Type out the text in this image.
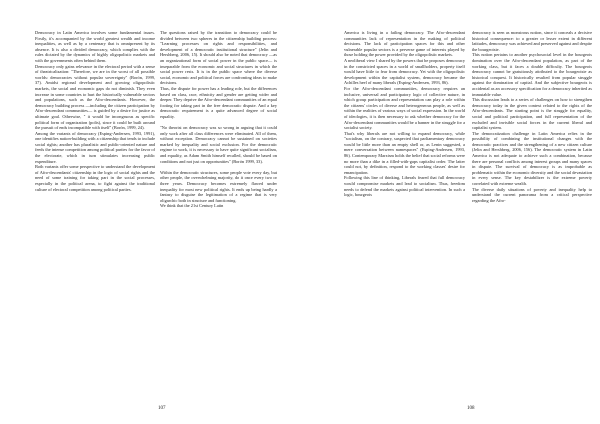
Democracy in Latin America involves some fundamental issues. Firstly, it's accompanied by the world greatest wealth and income inequalities, as well as by a centenary that is omnipresent by its absence. It is also a divided democracy, which complies with the rules dictated by the dynamics of highly oligopolistic markets and with the governments often behind them.

Democracy only gains relevance in the electoral period with a sense of theatricalization: "Therefore, we are in the worst of all possible worlds: democracies without popular sovereignty" (Borón, 1999, 37). Amidst regional development and growing oligopolistic markets, the social and economic gaps do not diminish. They even increase in some countries to hurt the historically vulnerable sectors and populations, such as the Afro-descendants. However, the democracy building process —including the citizen participation by Afro-descendant communities— is guided by a desire for justice as ultimate goal. Otherwise, " it would be incongruous as specific political form of organization (polis), since it could be built around the pursuit of ends incompatible with itself" (Borón, 1999, 24).

Among the variants of democracy (Esping-Andersen, 1993, 1991), one identifies nation-building with a citizenship that tends to include social rights; another has pluralistic and public-oriented nature and feeds the intense competition among political parties for the favor of the electorate, which in turn stimulates increasing public expenditure.

Both variants offer some perspective to understand the development of Afro-descendants' citizenship in the logic of social rights and the need of some training for taking part in the social processes, especially in the political arena, to fight against the traditional culture of electoral competition among political parties.

The questions raised by the transition to democracy could be divided between two spheres in the citizenship building process: "Learning processes on rights and responsibilities, and development of a democratic institutional structure" (Jelin and Hershberg, 2006, 15). It should also be noted that democracy —as an organizational form of social power in the public space— is inseparable from the economic and social structures in which the social power rests. It is in the public space where the diverse social, economic and political forces are confronting ideas to make decisions.

Thus, the dispute for power has a leading role, but the differences based on class, race, ethnicity and gender are getting wider and deeper. They deprive the Afro-descendant communities of an equal footing for taking part in the free democratic dispute. And a key democratic requirement is a quite advanced degree of social equality.

"No theorist on democracy was so wrong in arguing that it could only work after all class differences were eliminated. All of them, without exception. Democracy cannot be sustained on societies marked by inequality and social exclusion. For the democratic regime to work, it is necessary to have quite significant socialism, and equality, as Adam Smith himself recalled, should be based on conditions and not just on opportunities" (Borón 1999, 33).

Within the democratic structures, some people vote every day, but other people, the overwhelming majority, do it once every two or three years. Democracy becomes extremely flawed under inequality for most new political rights. It ends up being hardly a fantasy to disguise the legitimation of a regime that is very oligarchic both in structure and functioning.

We think that the 21st Century Latin

107

America is living in a failing democracy. The Afro-descendant communities lack of representation in the making of political decisions. The lack of participation spaces for this and other vulnerable popular sectors is a perverse game of interests played by those holding the power provided by the oligopolistic markets.

A neoliberal view I shared by the powers that be proposes democracy in the constricted spaces in a world of smallholders, property itself would have little to fear from democracy. Yet with the oligopolistic development within the capitalist system, democracy became the Achilles heel of many liberals (Esping-Andersen, 1993, 86).

For the Afro-descendant communities, democracy requires an inclusive, universal and participatory logic of collective nature, in which group participation and representation can play a role within the citizens' circles of diverse and heterogeneous people, as well as within the realities of various ways of social expression. In the world of ideologies, it is then necessary to ask whether democracy for the Afro-descendant communities would be a banner in the struggle for a socialist society.

That's why liberals are not willing to expand democracy, while "socialism, on the contrary, suspected that parliamentary democracy would be little more than an empty shell or, as Lenin suggested, a mere conversation between namespaces" (Esping-Andersen, 1993, 86). Contemporary Marxism holds the belief that social reforms were no more than a dike in a filled-with-gaps capitalist order. The latter could not, by definition, respond to the working classes' desire for emancipation.

Following this line of thinking, Liberals feared that full democracy would compromise markets and lead to socialism. Thus, freedom needs to defend the markets against political intervention. In such a logic, bourgeois

democracy is seen as monstrous notion, since it conceals a decisive historical consequence: to a greater or lesser extent in different latitudes, democracy was achieved and preserved against and despite the bourgeoisie.

This notion pertains to another psychosocial level in the bourgeois domination over the Afro-descendant population, as part of the working class, but it faces a double difficulty. The bourgeois democracy cannot be gratuitously attributed to the bourgeoisie as historical conquest. It historically resulted from popular struggle against the domination of capital. And the subjective bourgeois is accidental as an accessory specification for a democracy inherited as immutable value.

This discussion leads to a series of challenges on how to strengthen democracy today in the given context related to the rights of the Afro-descendants. The starting point is the struggle for equality, social and political participation, and full representation of the excluded and invisible social forces in the current liberal and capitalist system.

The democratization challenge in Latin America relies in the possibility of combining the institutional changes with the democratic practices and the strengthening of a new citizen culture (Jelin and Hershberg, 2006, 156). The democratic system in Latin America is not adequate to achieve such a combination, because there are personal conflicts among interest groups and many spaces in dispute. The survival of democracy is as improbable as problematic within the economic diversity and the social devastation in every sense. The key destabilizer is the extreme poverty correlated with extreme wealth.

The diverse daily situations of poverty and inequality help to understand the current panorama from a critical perspective regarding the Afro-

108
